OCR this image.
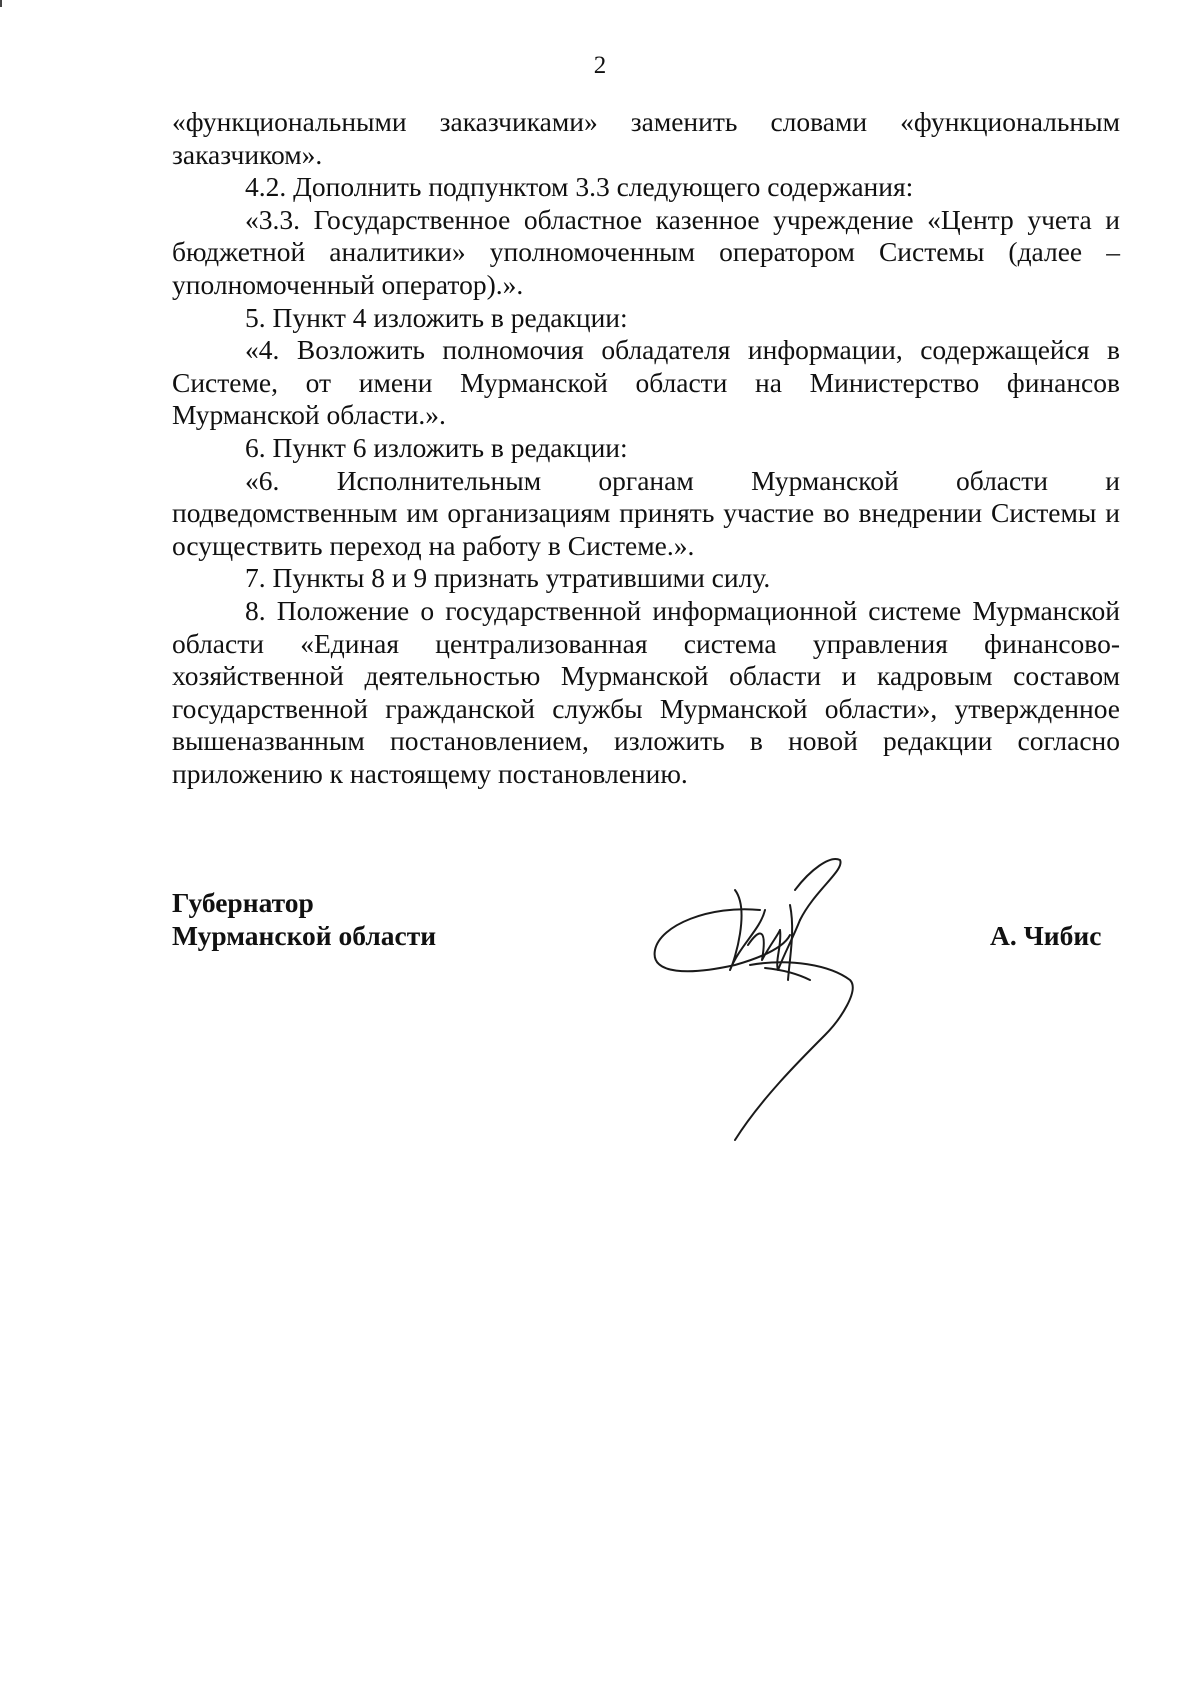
2

«функциональными заказчиками» заменить словами «функциональным заказчиком».

4.2. Дополнить подпунктом 3.3 следующего содержания:

«3.3. Государственное областное казенное учреждение «Центр учета и бюджетной аналитики» уполномоченным оператором Системы (далее – уполномоченный оператор).».

5. Пункт 4 изложить в редакции:

«4. Возложить полномочия обладателя информации, содержащейся в Системе, от имени Мурманской области на Министерство финансов Мурманской области.».

6. Пункт 6 изложить в редакции:

«6. Исполнительным органам Мурманской области и

подведомственным им организациям принять участие во внедрении Системы и осуществить переход на работу в Системе.».

7. Пункты 8 и 9 признать утратившими силу.

8. Положение о государственной информационной системе Мурманской области «Единая централизованная система управления финансово-хозяйственной деятельностью Мурманской области и кадровым составом государственной гражданской службы Мурманской области», утвержденное вышеназванным постановлением, изложить в новой редакции согласно приложению к настоящему постановлению.

Губернатор
Мурманской области	А. Чибис
